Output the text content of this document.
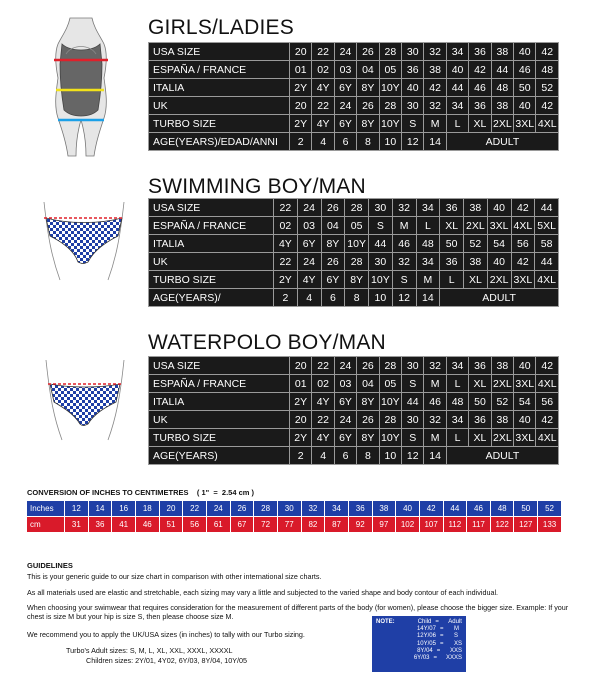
GIRLS/LADIES
USA SIZE	20	22	24	26	28	30	32	34	36	38	40	42
ESPAÑA / FRANCE	01	02	03	04	05	36	38	40	42	44	46	48
ITALIA	2Y	4Y	6Y	8Y	10Y	40	42	44	46	48	50	52
UK	20	22	24	26	28	30	32	34	36	38	40	42
TURBO SIZE	2Y	4Y	6Y	8Y	10Y	S	M	L	XL	2XL	3XL	4XL
AGE(YEARS)/EDAD/ANNI	2	4	6	8	10	12	14	ADULT				
SWIMMING BOY/MAN
USA SIZE	22	24	26	28	30	32	34	36	38	40	42	44
ESPAÑA / FRANCE	02	03	04	05	S	M	L	XL	2XL	3XL	4XL	5XL
ITALIA	4Y	6Y	8Y	10Y	44	46	48	50	52	54	56	58
UK	22	24	26	28	30	32	34	36	38	40	42	44
TURBO SIZE	2Y	4Y	6Y	8Y	10Y	S	M	L	XL	2XL	3XL	4XL
AGE(YEARS)/	2	4	6	8	10	12	14	ADULT				
WATERPOLO BOY/MAN
USA SIZE	20	22	24	26	28	30	32	34	36	38	40	42
ESPAÑA / FRANCE	01	02	03	04	05	S	M	L	XL	2XL	3XL	4XL
ITALIA	2Y	4Y	6Y	8Y	10Y	44	46	48	50	52	54	56
UK	20	22	24	26	28	30	32	34	36	38	40	42
TURBO SIZE	2Y	4Y	6Y	8Y	10Y	S	M	L	XL	2XL	3XL	4XL
AGE(YEARS)	2	4	6	8	10	12	14	ADULT				
CONVERSION OF INCHES TO CENTIMETRES    ( 1"  =  2.54 cm )
Inches	12	14	16	18	20	22	24	26	28	30	32	34	36	38	40	42	44	46	48	50	52
cm	31	36	41	46	51	56	61	67	72	77	82	87	92	97	102	107	112	117	122	127	133
GUIDELINES
This is your generic guide to our size chart in comparison with other international size charts.
As all materials used are elastic and stretchable, each sizing may vary a little and subjected to the varied shape and body contour of each individual.
When choosing your swimwear that requires consideration for the measurement of different parts of the body (for women), please choose the bigger size. Example: If your chest is size M but your hip is size S, then please choose size M.
We recommend you to apply the UK/USA sizes (in inches) to tally with our Turbo sizing.
Turbo's Adult sizes: S, M, L, XL, XXL, XXXL, XXXXL
Children sizes: 2Y/01, 4Y02, 6Y/03, 8Y/04, 10Y/05
NOTE:	Child =	Adult
14Y/07 =	M
12Y/06 =	S
10Y/05 =	XS
8Y/04 =	XXS
6Y/03 =	XXXS
